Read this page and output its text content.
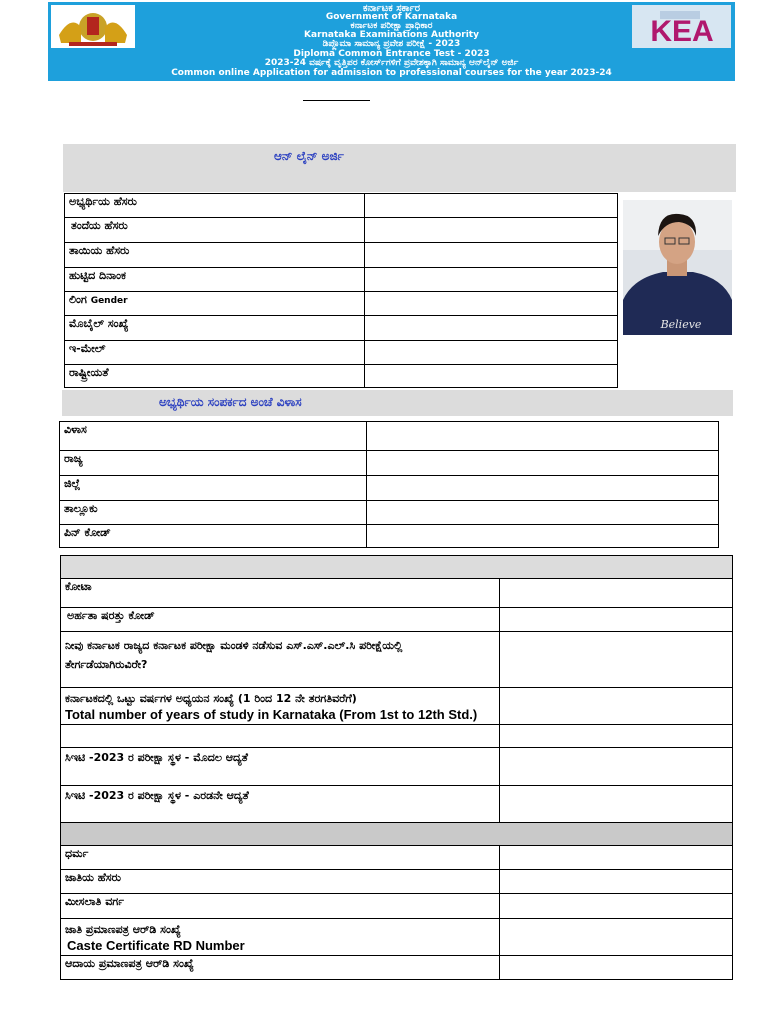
ಕರ್ನಾಟಕ ಸರ್ಕಾರ
Government of Karnataka
ಕರ್ನಾಟಕ ಪರೀಕ್ಷಾ ಪ್ರಾಧಿಕಾರ
Karnataka Examinations Authority
ಡಿಪ್ಲೊಮಾ ಸಾಮಾನ್ಯ ಪ್ರವೇಶ ಪರೀಕ್ಷೆ - 2023
Diploma Common Entrance Test - 2023
2023-24 ವರ್ಷಕ್ಕೆ ವೃತ್ತಿಪರ ಕೋರ್ಸ್‌ಗಳಿಗೆ ಪ್ರವೇಶಕ್ಕಾಗಿ ಸಾಮಾನ್ಯ ಆನ್‌ಲೈನ್ ಅರ್ಜಿ
Common online Application for admission to professional courses for the year 2023-24
KEA
ಆನ್ ಲೈನ್ ಅರ್ಜಿ
ಅಭ್ಯರ್ಥಿಯ ಹೆಸರು
ತಂದೆಯ ಹೆಸರು
ತಾಯಿಯ ಹೆಸರು
ಹುಟ್ಟಿದ ದಿನಾಂಕ
ಲಿಂಗ Gender
ಮೊಬೈಲ್ ಸಂಖ್ಯೆ
ಇ-ಮೇಲ್
ರಾಷ್ಟ್ರೀಯತೆ
Believe
ಅಭ್ಯರ್ಥಿಯ ಸಂಪರ್ಕದ ಅಂಚೆ ವಿಳಾಸ
ವಿಳಾಸ
ರಾಜ್ಯ
ಜಿಲ್ಲೆ
ತಾಲ್ಲೂಕು
ಪಿನ್ ಕೋಡ್
ಕೋಟಾ
ಅರ್ಹತಾ ಷರತ್ತು ಕೋಡ್
ನೀವು ಕರ್ನಾಟಕ ರಾಜ್ಯದ ಕರ್ನಾಟಕ ಪರೀಕ್ಷಾ ಮಂಡಳಿ ನಡೆಸುವ ಎಸ್.ಎಸ್.ಎಲ್.ಸಿ ಪರೀಕ್ಷೆಯಲ್ಲಿ
ತೇರ್ಗಡೆಯಾಗಿರುವಿರೇ?
ಕರ್ನಾಟಕದಲ್ಲಿ ಒಟ್ಟು ವರ್ಷಗಳ ಅಧ್ಯಯನ ಸಂಖ್ಯೆ (1 ರಿಂದ 12 ನೇ ತರಗತಿವರೆಗೆ)
Total number of years of study in Karnataka (From 1st to 12th Std.)
ಸಿಇಟಿ -2023 ರ ಪರೀಕ್ಷಾ ಸ್ಥಳ - ಮೊದಲ ಆದ್ಯತೆ
ಸಿಇಟಿ -2023 ರ ಪರೀಕ್ಷಾ ಸ್ಥಳ - ಎರಡನೇ ಆದ್ಯತೆ
ಧರ್ಮ
ಜಾತಿಯ ಹೆಸರು
ಮೀಸಲಾತಿ ವರ್ಗ
ಜಾತಿ ಪ್ರಮಾಣಪತ್ರ ಆರ್‌ಡಿ ಸಂಖ್ಯೆ
Caste Certificate RD Number
ಆದಾಯ ಪ್ರಮಾಣಪತ್ರ ಆರ್‌ಡಿ ಸಂಖ್ಯೆ
